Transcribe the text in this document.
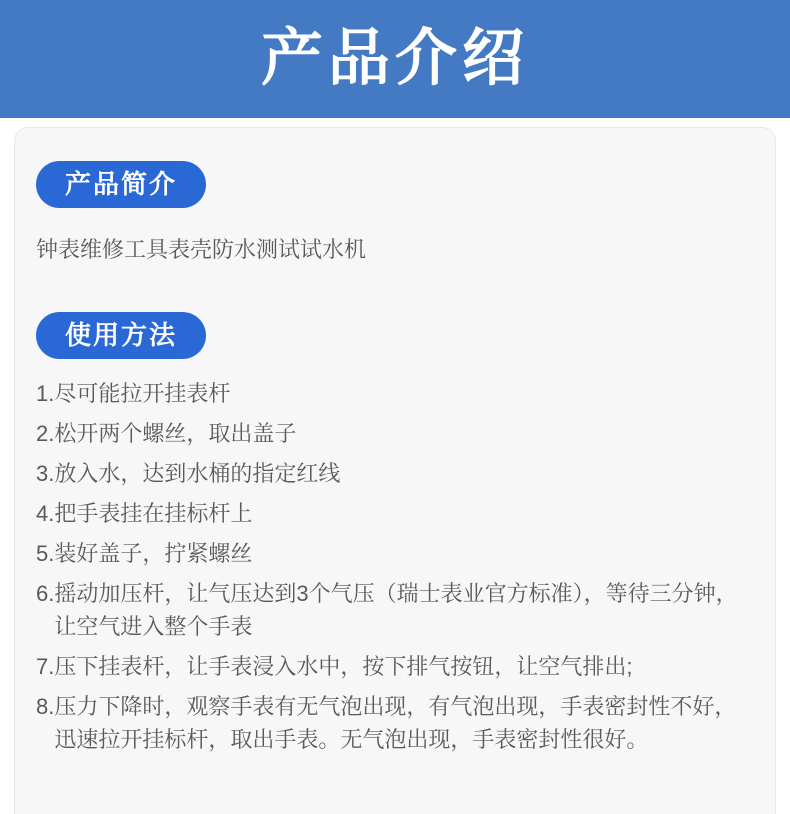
产品介绍
产品简介

钟表维修工具表壳防水测试试水机

使用方法
1. 尽可能拉开挂表杆
2. 松开两个螺丝，取出盖子
3. 放入水，达到水桶的指定红线
4. 把手表挂在挂标杆上
5. 装好盖子，拧紧螺丝
6. 摇动加压杆，让气压达到3个气压（瑞士表业官方标准），等待三分钟，让空气进入整个手表
7. 压下挂表杆，让手表浸入水中，按下排气按钮，让空气排出;
8. 压力下降时，观察手表有无气泡出现，有气泡出现，手表密封性不好，迅速拉开挂标杆，取出手表。无气泡出现，手表密封性很好。
